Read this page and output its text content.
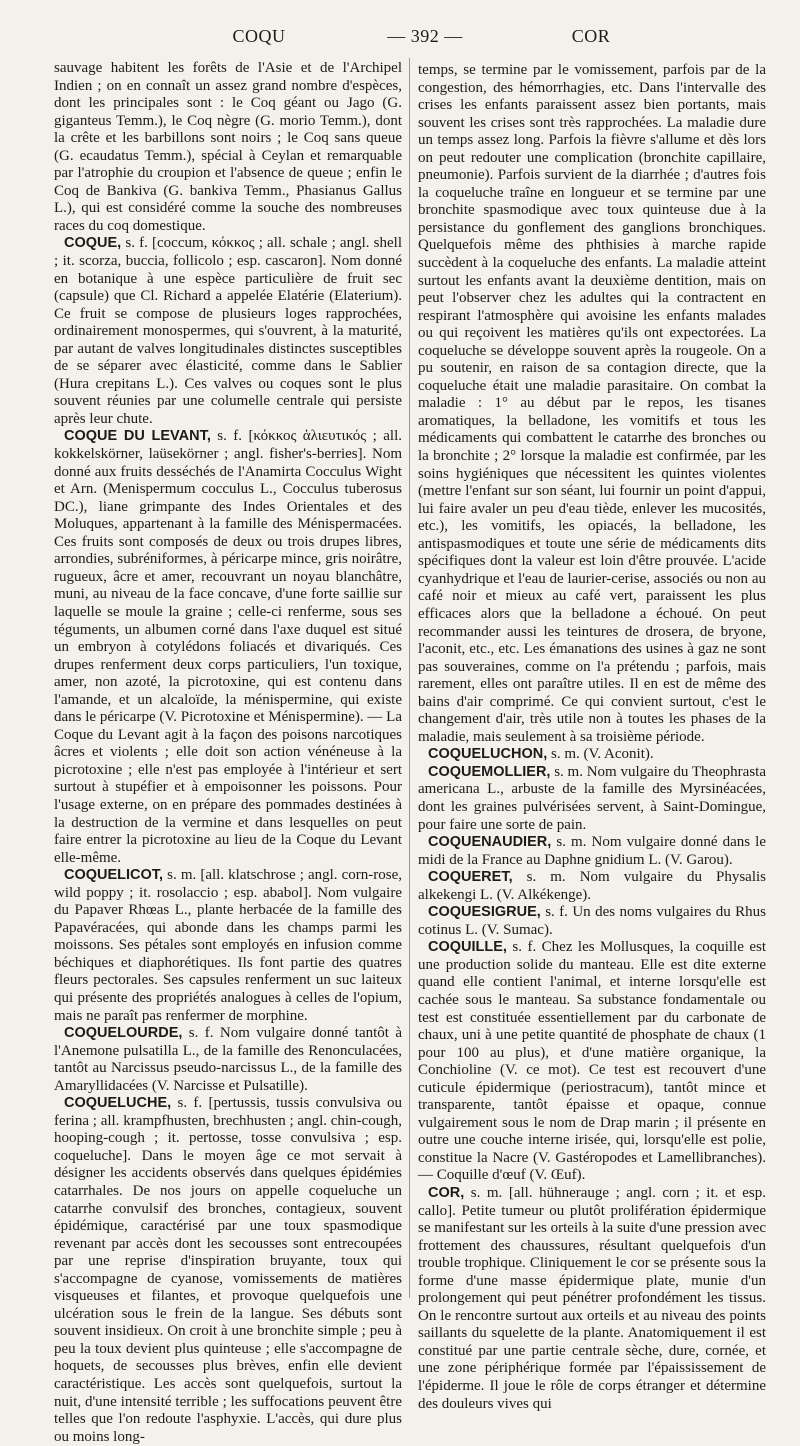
COQU	— 392 —	COR

sauvage habitent les forêts de l'Asie et de l'Archipel Indien ; on en connaît un assez grand nombre d'espèces, dont les principales sont : le Coq géant ou Jago (G. giganteus Temm.), le Coq nègre (G. morio Temm.), dont la crête et les barbillons sont noirs ; le Coq sans queue (G. ecaudatus Temm.), spécial à Ceylan et remarquable par l'atrophie du croupion et l'absence de queue ; enfin le Coq de Bankiva (G. bankiva Temm., Phasianus Gallus L.), qui est considéré comme la souche des nombreuses races du coq domestique.

COQUE, s. f. [coccum, κόκκος ; all. schale ; angl. shell ; it. scorza, buccia, follicolo ; esp. cascaron]. Nom donné en botanique à une espèce particulière de fruit sec (capsule) que Cl. Richard a appelée Elatérie (Elaterium). Ce fruit se compose de plusieurs loges rapprochées, ordinairement monospermes, qui s'ouvrent, à la maturité, par autant de valves longitudinales distinctes susceptibles de se séparer avec élasticité, comme dans le Sablier (Hura crepitans L.). Ces valves ou coques sont le plus souvent réunies par une columelle centrale qui persiste après leur chute.

COQUE DU LEVANT, s. f. [κόκκος ἁλιευτικός ; all. kokkelskörner, laüsekörner ; angl. fisher's-berries]. Nom donné aux fruits desséchés de l'Anamirta Cocculus Wight et Arn. (Menispermum cocculus L., Cocculus tuberosus DC.), liane grimpante des Indes Orientales et des Moluques, appartenant à la famille des Ménispermacées. Ces fruits sont composés de deux ou trois drupes libres, arrondies, subréniformes, à péricarpe mince, gris noirâtre, rugueux, âcre et amer, recouvrant un noyau blanchâtre, muni, au niveau de la face concave, d'une forte saillie sur laquelle se moule la graine ; celle-ci renferme, sous ses téguments, un albumen corné dans l'axe duquel est situé un embryon à cotylédons foliacés et divariqués. Ces drupes renferment deux corps particuliers, l'un toxique, amer, non azoté, la picrotoxine, qui est contenu dans l'amande, et un alcaloïde, la ménispermine, qui existe dans le péricarpe (V. Picrotoxine et Ménispermine). — La Coque du Levant agit à la façon des poisons narcotiques âcres et violents ; elle doit son action vénéneuse à la picrotoxine ; elle n'est pas employée à l'intérieur et sert surtout à stupéfier et à empoisonner les poissons. Pour l'usage externe, on en prépare des pommades destinées à la destruction de la vermine et dans lesquelles on peut faire entrer la picrotoxine au lieu de la Coque du Levant elle-même.

COQUELICOT, s. m. [all. klatschrose ; angl. corn-rose, wild poppy ; it. rosolaccio ; esp. ababol]. Nom vulgaire du Papaver Rhœas L., plante herbacée de la famille des Papavéracées, qui abonde dans les champs parmi les moissons. Ses pétales sont employés en infusion comme béchiques et diaphorétiques. Ils font partie des quatres fleurs pectorales. Ses capsules renferment un suc laiteux qui présente des propriétés analogues à celles de l'opium, mais ne paraît pas renfermer de morphine.

COQUELOURDE, s. f. Nom vulgaire donné tantôt à l'Anemone pulsatilla L., de la famille des Renonculacées, tantôt au Narcissus pseudo-narcissus L., de la famille des Amaryllidacées (V. Narcisse et Pulsatille).

COQUELUCHE, s. f. [pertussis, tussis convulsiva ou ferina ; all. krampfhusten, brechhusten ; angl. chin-cough, hooping-cough ; it. pertosse, tosse convulsiva ; esp. coqueluche]. Dans le moyen âge ce mot servait à désigner les accidents observés dans quelques épidémies catarrhales. De nos jours on appelle coqueluche un catarrhe convulsif des bronches, contagieux, souvent épidémique, caractérisé par une toux spasmodique revenant par accès dont les secousses sont entrecoupées par une reprise d'inspiration bruyante, toux qui s'accompagne de cyanose, vomissements de matières visqueuses et filantes, et provoque quelquefois une ulcération sous le frein de la langue. Ses débuts sont souvent insidieux. On croit à une bronchite simple ; peu à peu la toux devient plus quinteuse ; elle s'accompagne de hoquets, de secousses plus brèves, enfin elle devient caractéristique. Les accès sont quelquefois, surtout la nuit, d'une intensité terrible ; les suffocations peuvent être telles que l'on redoute l'asphyxie. L'accès, qui dure plus ou moins long-

temps, se termine par le vomissement, parfois par de la congestion, des hémorrhagies, etc. Dans l'intervalle des crises les enfants paraissent assez bien portants, mais souvent les crises sont très rapprochées. La maladie dure un temps assez long. Parfois la fièvre s'allume et dès lors on peut redouter une complication (bronchite capillaire, pneumonie). Parfois survient de la diarrhée ; d'autres fois la coqueluche traîne en longueur et se termine par une bronchite spasmodique avec toux quinteuse due à la persistance du gonflement des ganglions bronchiques. Quelquefois même des phthisies à marche rapide succèdent à la coqueluche des enfants. La maladie atteint surtout les enfants avant la deuxième dentition, mais on peut l'observer chez les adultes qui la contractent en respirant l'atmosphère qui avoisine les enfants malades ou qui reçoivent les matières qu'ils ont expectorées. La coqueluche se développe souvent après la rougeole. On a pu soutenir, en raison de sa contagion directe, que la coqueluche était une maladie parasitaire. On combat la maladie : 1° au début par le repos, les tisanes aromatiques, la belladone, les vomitifs et tous les médicaments qui combattent le catarrhe des bronches ou la bronchite ; 2° lorsque la maladie est confirmée, par les soins hygiéniques que nécessitent les quintes violentes (mettre l'enfant sur son séant, lui fournir un point d'appui, lui faire avaler un peu d'eau tiède, enlever les mucosités, etc.), les vomitifs, les opiacés, la belladone, les antispasmodiques et toute une série de médicaments dits spécifiques dont la valeur est loin d'être prouvée. L'acide cyanhydrique et l'eau de laurier-cerise, associés ou non au café noir et mieux au café vert, paraissent les plus efficaces alors que la belladone a échoué. On peut recommander aussi les teintures de drosera, de bryone, l'aconit, etc., etc. Les émanations des usines à gaz ne sont pas souveraines, comme on l'a prétendu ; parfois, mais rarement, elles ont paraître utiles. Il en est de même des bains d'air comprimé. Ce qui convient surtout, c'est le changement d'air, très utile non à toutes les phases de la maladie, mais seulement à sa troisième période.

COQUELUCHON, s. m. (V. Aconit).

COQUEMOLLIER, s. m. Nom vulgaire du Theophrasta americana L., arbuste de la famille des Myrsinéacées, dont les graines pulvérisées servent, à Saint-Domingue, pour faire une sorte de pain.

COQUENAUDIER, s. m. Nom vulgaire donné dans le midi de la France au Daphne gnidium L. (V. Garou).

COQUERET, s. m. Nom vulgaire du Physalis alkekengi L. (V. Alkékenge).

COQUESIGRUE, s. f. Un des noms vulgaires du Rhus cotinus L. (V. Sumac).

COQUILLE, s. f. Chez les Mollusques, la coquille est une production solide du manteau. Elle est dite externe quand elle contient l'animal, et interne lorsqu'elle est cachée sous le manteau. Sa substance fondamentale ou test est constituée essentiellement par du carbonate de chaux, uni à une petite quantité de phosphate de chaux (1 pour 100 au plus), et d'une matière organique, la Conchioline (V. ce mot). Ce test est recouvert d'une cuticule épidermique (periostracum), tantôt mince et transparente, tantôt épaisse et opaque, connue vulgairement sous le nom de Drap marin ; il présente en outre une couche interne irisée, qui, lorsqu'elle est polie, constitue la Nacre (V. Gastéropodes et Lamellibranches). — Coquille d'œuf (V. Œuf).

COR, s. m. [all. hühnerauge ; angl. corn ; it. et esp. callo]. Petite tumeur ou plutôt prolifération épidermique se manifestant sur les orteils à la suite d'une pression avec frottement des chaussures, résultant quelquefois d'un trouble trophique. Cliniquement le cor se présente sous la forme d'une masse épidermique plate, munie d'un prolongement qui peut pénétrer profondément les tissus. On le rencontre surtout aux orteils et au niveau des points saillants du squelette de la plante. Anatomiquement il est constitué par une partie centrale sèche, dure, cornée, et une zone périphérique formée par l'épaississement de l'épiderme. Il joue le rôle de corps étranger et détermine des douleurs vives qui
